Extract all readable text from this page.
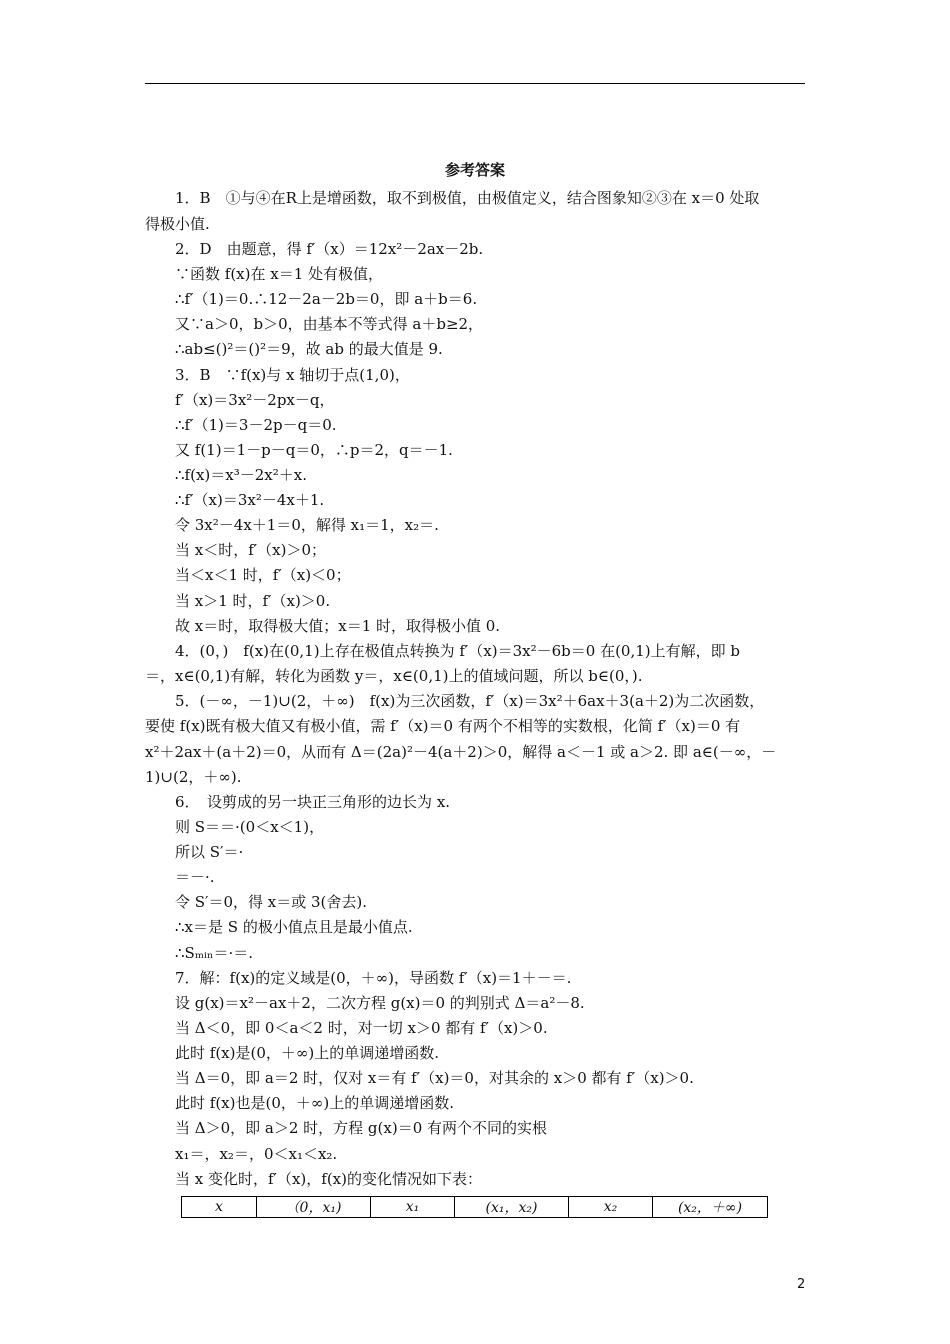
参考答案
1．B　①与④在R上是增函数，取不到极值，由极值定义，结合图象知②③在 x＝0 处取
得极小值.
2．D　由题意，得 f′（x）＝12x²－2ax－2b.
∵函数 f(x)在 x＝1 处有极值，
∴f′（1)＝0.∴12－2a－2b＝0，即 a＋b＝6.
又∵a＞0，b＞0，由基本不等式得 a＋b≥2，
∴ab≤()²＝()²＝9，故 ab 的最大值是 9.
3．B　∵f(x)与 x 轴切于点(1,0)，
f′（x)＝3x²－2px－q，
∴f′（1)＝3－2p－q＝0.
又 f(1)＝1－p－q＝0，∴p＝2，q＝－1.
∴f(x)＝x³－2x²＋x.
∴f′（x)＝3x²－4x＋1.
令 3x²－4x＋1＝0，解得 x₁＝1，x₂＝.
当 x＜时，f′（x)＞0；
当＜x＜1 时，f′（x)＜0；
当 x＞1 时，f′（x)＞0.
故 x＝时，取得极大值；x＝1 时，取得极小值 0.
4．(0，)　f(x)在(0,1)上存在极值点转换为 f′（x)＝3x²－6b＝0 在(0,1)上有解，即 b
＝，x∈(0,1)有解，转化为函数 y＝，x∈(0,1)上的值域问题，所以 b∈(0，).
5．(－∞，－1)∪(2，＋∞)　f(x)为三次函数，f′（x)＝3x²＋6ax＋3(a＋2)为二次函数，
要使 f(x)既有极大值又有极小值，需 f′（x)＝0 有两个不相等的实数根，化简 f′（x)＝0 有
x²＋2ax＋(a＋2)＝0，从而有 Δ＝(2a)²－4(a＋2)＞0，解得 a＜－1 或 a＞2. 即 a∈(－∞，－
1)∪(2，＋∞).
6．　设剪成的另一块正三角形的边长为 x.
则 S＝＝·(0＜x＜1)，
所以 S′＝·
＝－·.
令 S′＝0，得 x＝或 3(舍去).
∴x＝是 S 的极小值点且是最小值点.
∴Sₘᵢₙ＝·＝.
7．解：f(x)的定义域是(0，＋∞)，导函数 f′（x)＝1＋－＝.
设 g(x)＝x²－ax＋2，二次方程 g(x)＝0 的判别式 Δ＝a²－8.
当 Δ＜0，即 0＜a＜2 时，对一切 x＞0 都有 f′（x)＞0.
此时 f(x)是(0，＋∞)上的单调递增函数.
当 Δ＝0，即 a＝2 时，仅对 x＝有 f′（x)＝0，对其余的 x＞0 都有 f′（x)＞0.
此时 f(x)也是(0，＋∞)上的单调递增函数.
当 Δ＞0，即 a＞2 时，方程 g(x)＝0 有两个不同的实根
x₁＝，x₂＝，0＜x₁＜x₂.
当 x 变化时，f′（x)，f(x)的变化情况如下表：
x	（0，x₁)	x₁	(x₁，x₂)	x₂	(x₂，＋∞)
2
